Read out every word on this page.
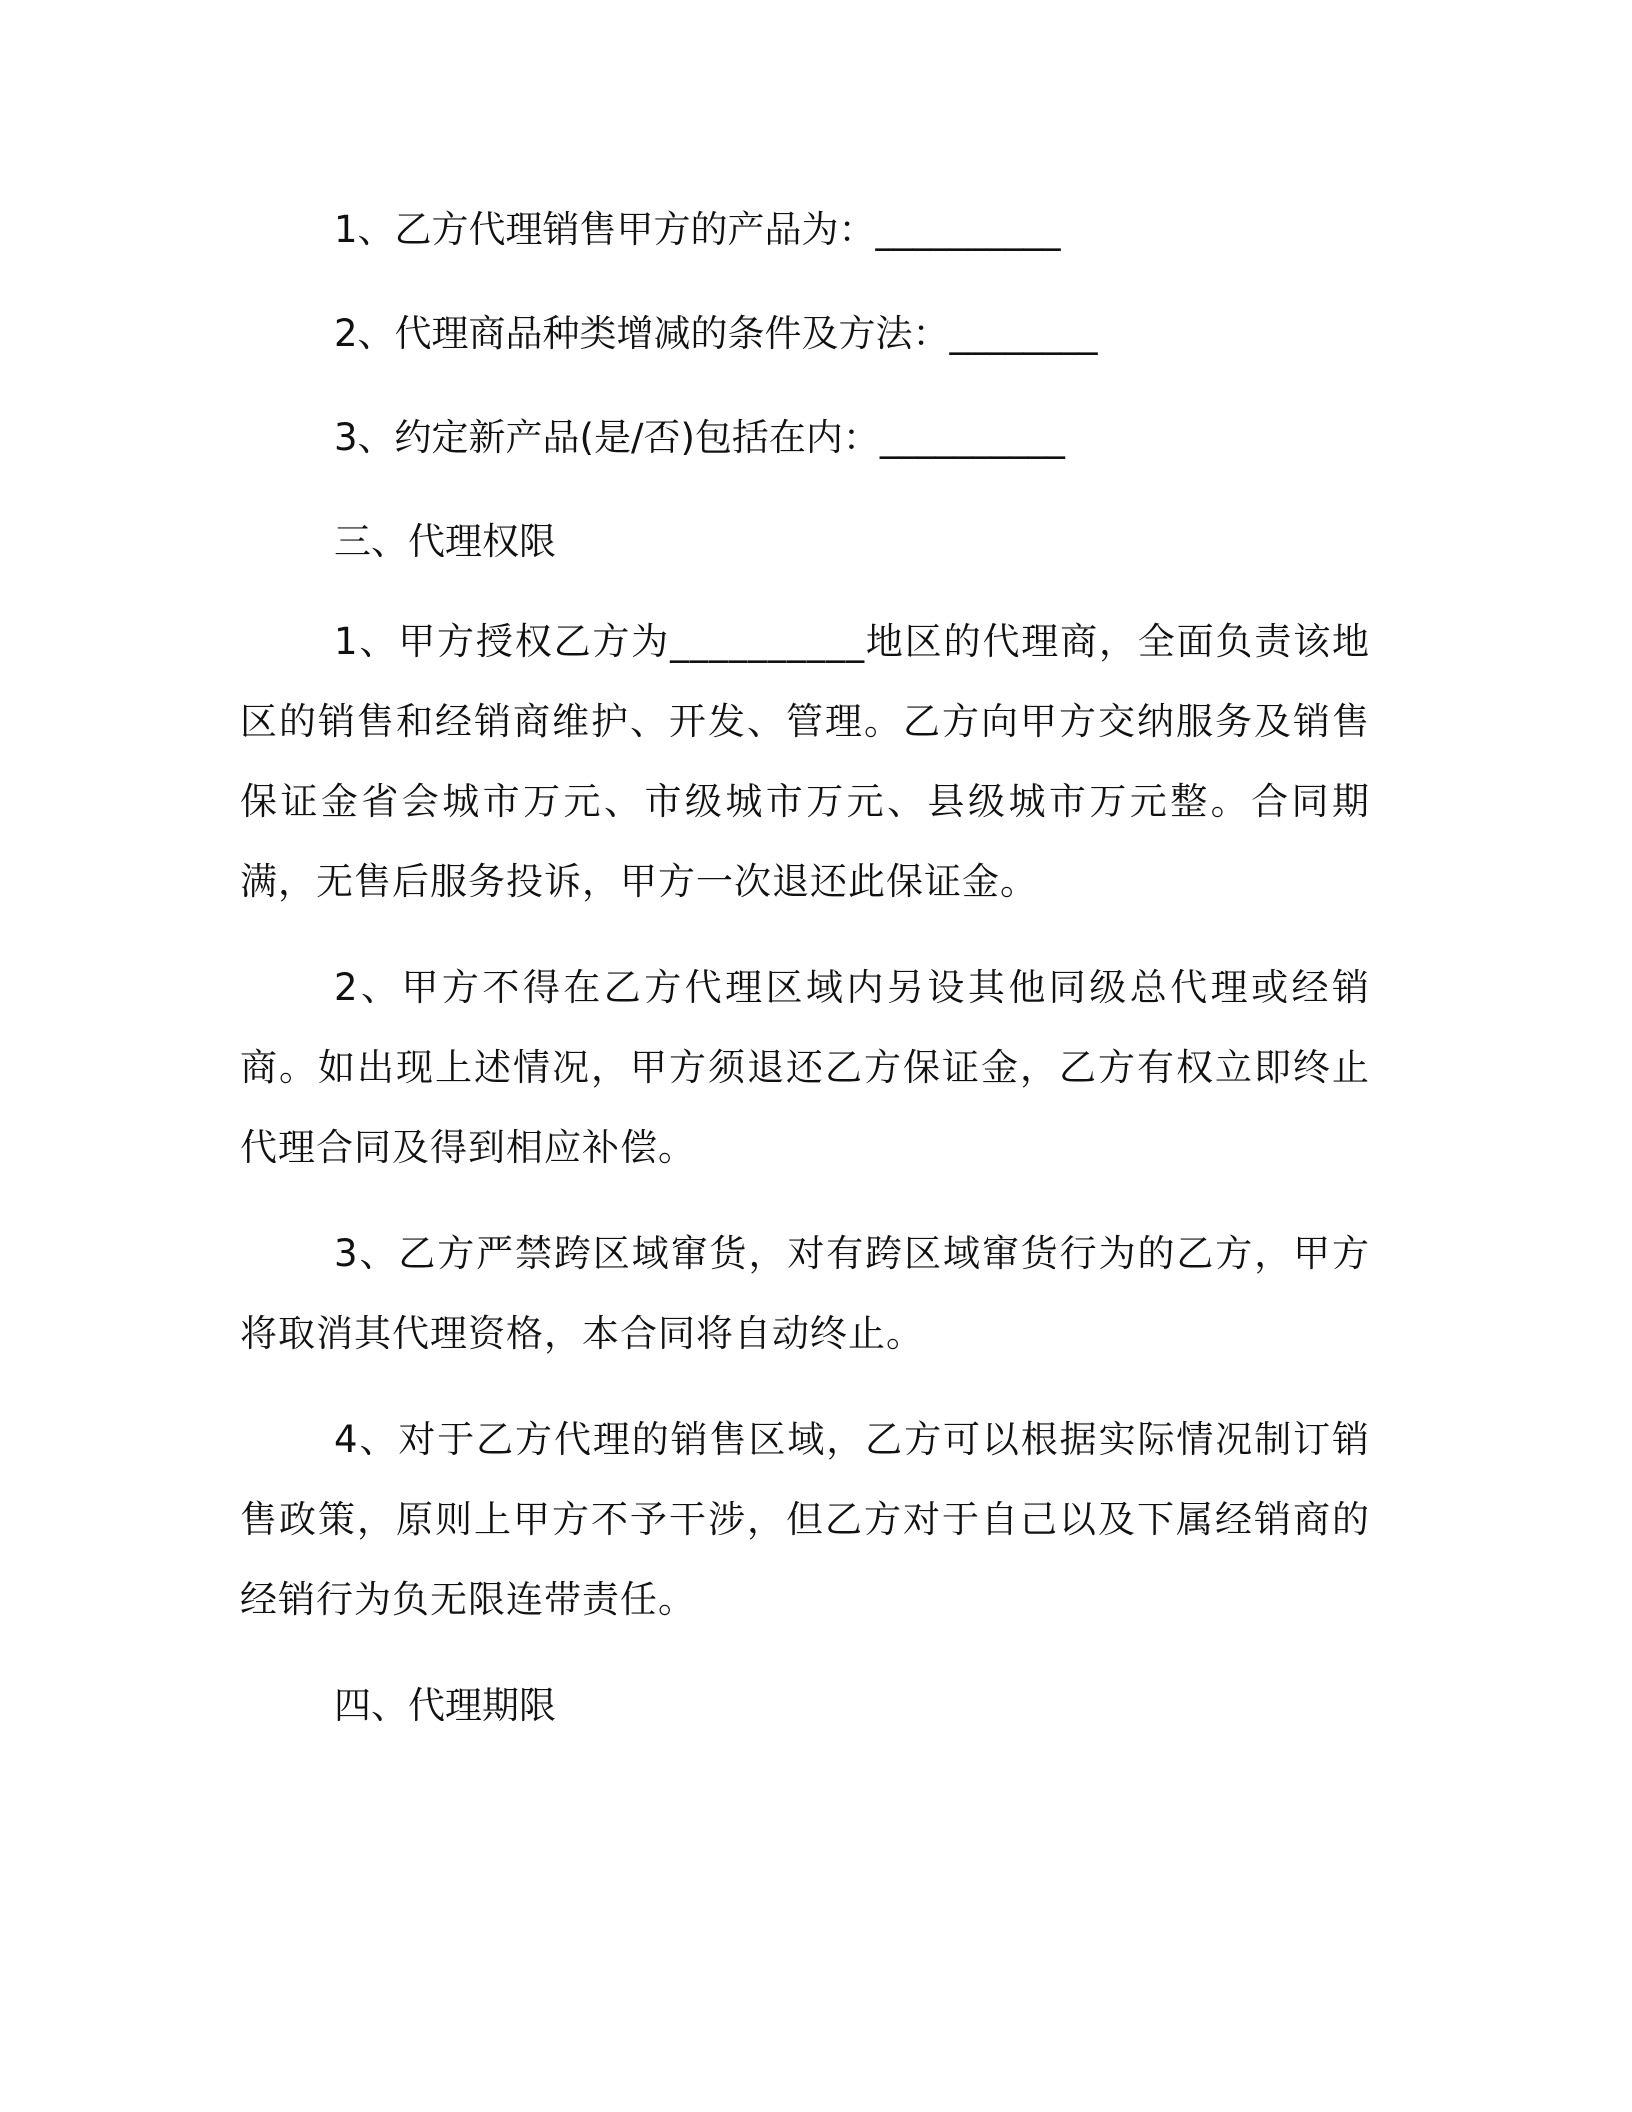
1、乙方代理销售甲方的产品为：__________

2、代理商品种类增减的条件及方法：________

3、约定新产品(是/否)包括在内：__________

三、代理权限

1、甲方授权乙方为__________地区的代理商，全面负责该地区的销售和经销商维护、开发、管理。乙方向甲方交纳服务及销售保证金省会城市万元、市级城市万元、县级城市万元整。合同期满，无售后服务投诉，甲方一次退还此保证金。

2、甲方不得在乙方代理区域内另设其他同级总代理或经销商。如出现上述情况，甲方须退还乙方保证金，乙方有权立即终止代理合同及得到相应补偿。

3、乙方严禁跨区域窜货，对有跨区域窜货行为的乙方，甲方将取消其代理资格，本合同将自动终止。

4、对于乙方代理的销售区域，乙方可以根据实际情况制订销售政策，原则上甲方不予干涉，但乙方对于自己以及下属经销商的经销行为负无限连带责任。

四、代理期限
